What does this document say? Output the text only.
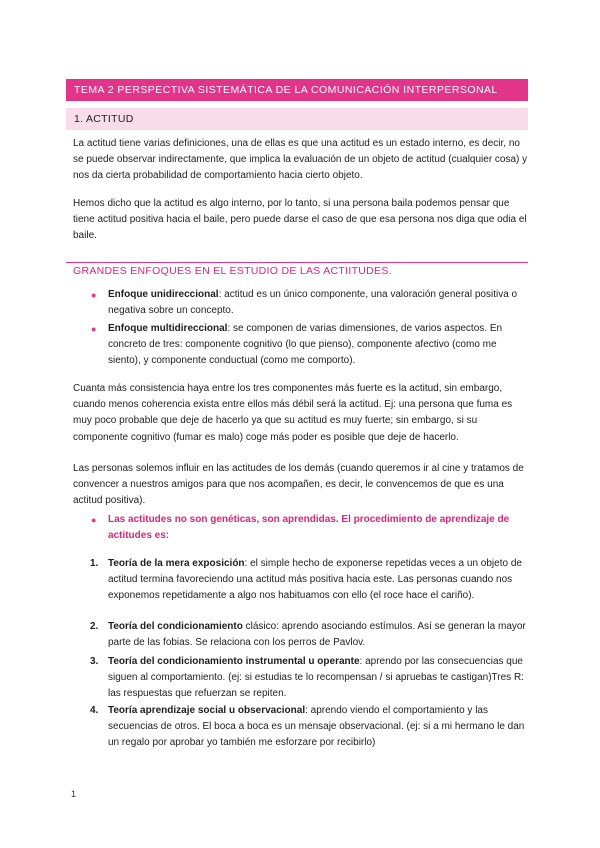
TEMA 2 PERSPECTIVA SISTEMÁTICA DE LA COMUNICACIÓN INTERPERSONAL
1. ACTITUD

La actitud tiene varias definiciones, una de ellas es que una actitud es un estado interno, es decir, no se puede observar indirectamente, que implica la evaluación de un objeto de actitud (cualquier cosa) y nos da cierta probabilidad de comportamiento hacia cierto objeto.

Hemos dicho que la actitud es algo interno, por lo tanto, si una persona baila podemos pensar que tiene actitud positiva hacia el baile, pero puede darse el caso de que esa persona nos diga que odia el baile.

GRANDES ENFOQUES EN EL ESTUDIO DE LAS ACTIITUDES.
●	Enfoque unidireccional: actitud es un único componente, una valoración general positiva o negativa sobre un concepto.

●	Enfoque multidireccional: se componen de varias dimensiones, de varios aspectos. En concreto de tres: componente cognitivo (lo que pienso), componente afectivo (como me siento), y componente conductual (como me comporto).

Cuanta más consistencia haya entre los tres componentes más fuerte es la actitud, sin embargo, cuando menos coherencia exista entre ellos más débil será la actitud. Ej: una persona que fuma es muy poco probable que deje de hacerlo ya que su actitud es muy fuerte; sin embargo, si su componente cognitivo (fumar es malo) coge más poder es posible que deje de hacerlo.

Las personas solemos influir en las actitudes de los demás (cuando queremos ir al cine y tratamos de convencer a nuestros amigos para que nos acompañen, es decir, le convencemos de que es una actitud positiva).

●	Las actitudes no son genéticas, son aprendidas. El procedimiento de aprendizaje de actitudes es:

1. Teoría de la mera exposición: el simple hecho de exponerse repetidas veces a un objeto de actitud termina favoreciendo una actitud más positiva hacia este. Las personas cuando nos exponemos repetidamente a algo nos habituamos con ello (el roce hace el cariño).

2. Teoría del condicionamiento clásico: aprendo asociando estímulos. Así se generan la mayor parte de las fobias. Se relaciona con los perros de Pavlov.

3. Teoría del condicionamiento instrumental u operante: aprendo por las consecuencias que siguen al comportamiento. (ej: si estudias te lo recompensan / si apruebas te castigan)Tres R: las respuestas que refuerzan se repiten.

4. Teoría aprendizaje social u observacional: aprendo viendo el comportamiento y las secuencias de otros. El boca a boca es un mensaje observacional. (ej: si a mi hermano le dan un regalo por aprobar yo también me esforzare por recibirlo)

1
